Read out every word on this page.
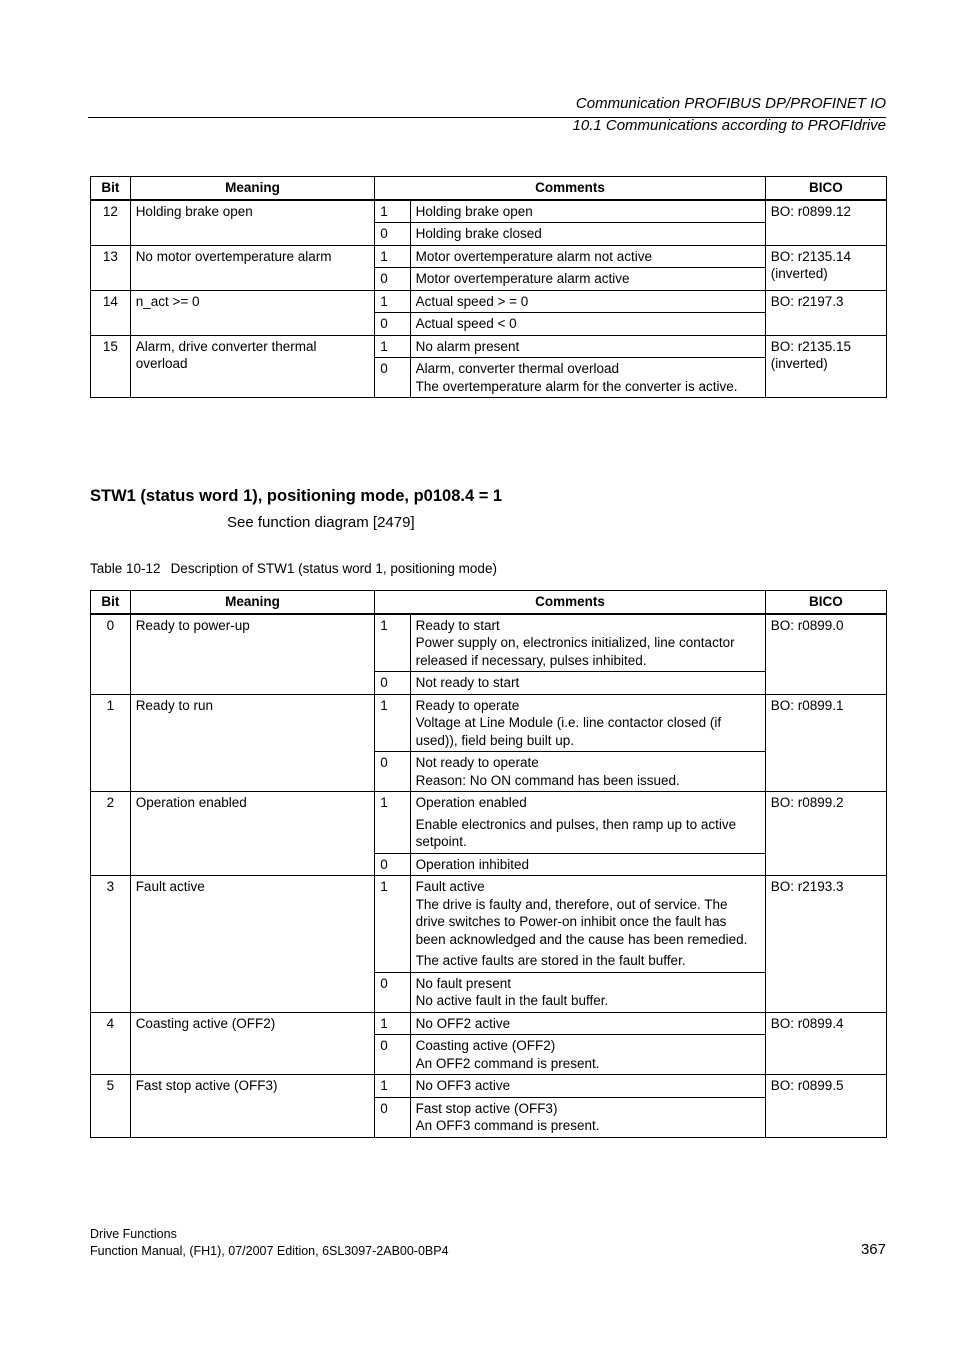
Communication PROFIBUS DP/PROFINET IO
10.1 Communications according to PROFIdrive
Bit	Meaning	Comments		BICO
12	Holding brake open	1	Holding brake open	BO: r0899.12
		0	Holding brake closed	
13	No motor overtemperature alarm	1	Motor overtemperature alarm not active	BO: r2135.14 (inverted)
		0	Motor overtemperature alarm active	
14	n_act >= 0	1	Actual speed > = 0	BO: r2197.3
		0	Actual speed < 0	
15	Alarm, drive converter thermal overload	1	No alarm present	BO: r2135.15 (inverted)
		0	Alarm, converter thermal overload
The overtemperature alarm for the converter is active.	
STW1 (status word 1), positioning mode, p0108.4 = 1
See function diagram [2479]
Table 10-12 Description of STW1 (status word 1, positioning mode)
Bit	Meaning	Comments		BICO
0	Ready to power-up	1	Ready to start
Power supply on, electronics initialized, line contactor released if necessary, pulses inhibited.	BO: r0899.0
		0	Not ready to start	
1	Ready to run	1	Ready to operate
Voltage at Line Module (i.e. line contactor closed (if used)), field being built up.	BO: r0899.1
		0	Not ready to operate
Reason: No ON command has been issued.	
2	Operation enabled	1	Operation enabled
Enable electronics and pulses, then ramp up to active setpoint.	BO: r0899.2
		0	Operation inhibited	
3	Fault active	1	Fault active
The drive is faulty and, therefore, out of service. The drive switches to Power-on inhibit once the fault has been acknowledged and the cause has been remedied.
The active faults are stored in the fault buffer.	BO: r2193.3
		0	No fault present
No active fault in the fault buffer.	
4	Coasting active (OFF2)	1	No OFF2 active	BO: r0899.4
		0	Coasting active (OFF2)
An OFF2 command is present.	
5	Fast stop active (OFF3)	1	No OFF3 active	BO: r0899.5
		0	Fast stop active (OFF3)
An OFF3 command is present.	
Drive Functions
Function Manual, (FH1), 07/2007 Edition, 6SL3097-2AB00-0BP4	367
